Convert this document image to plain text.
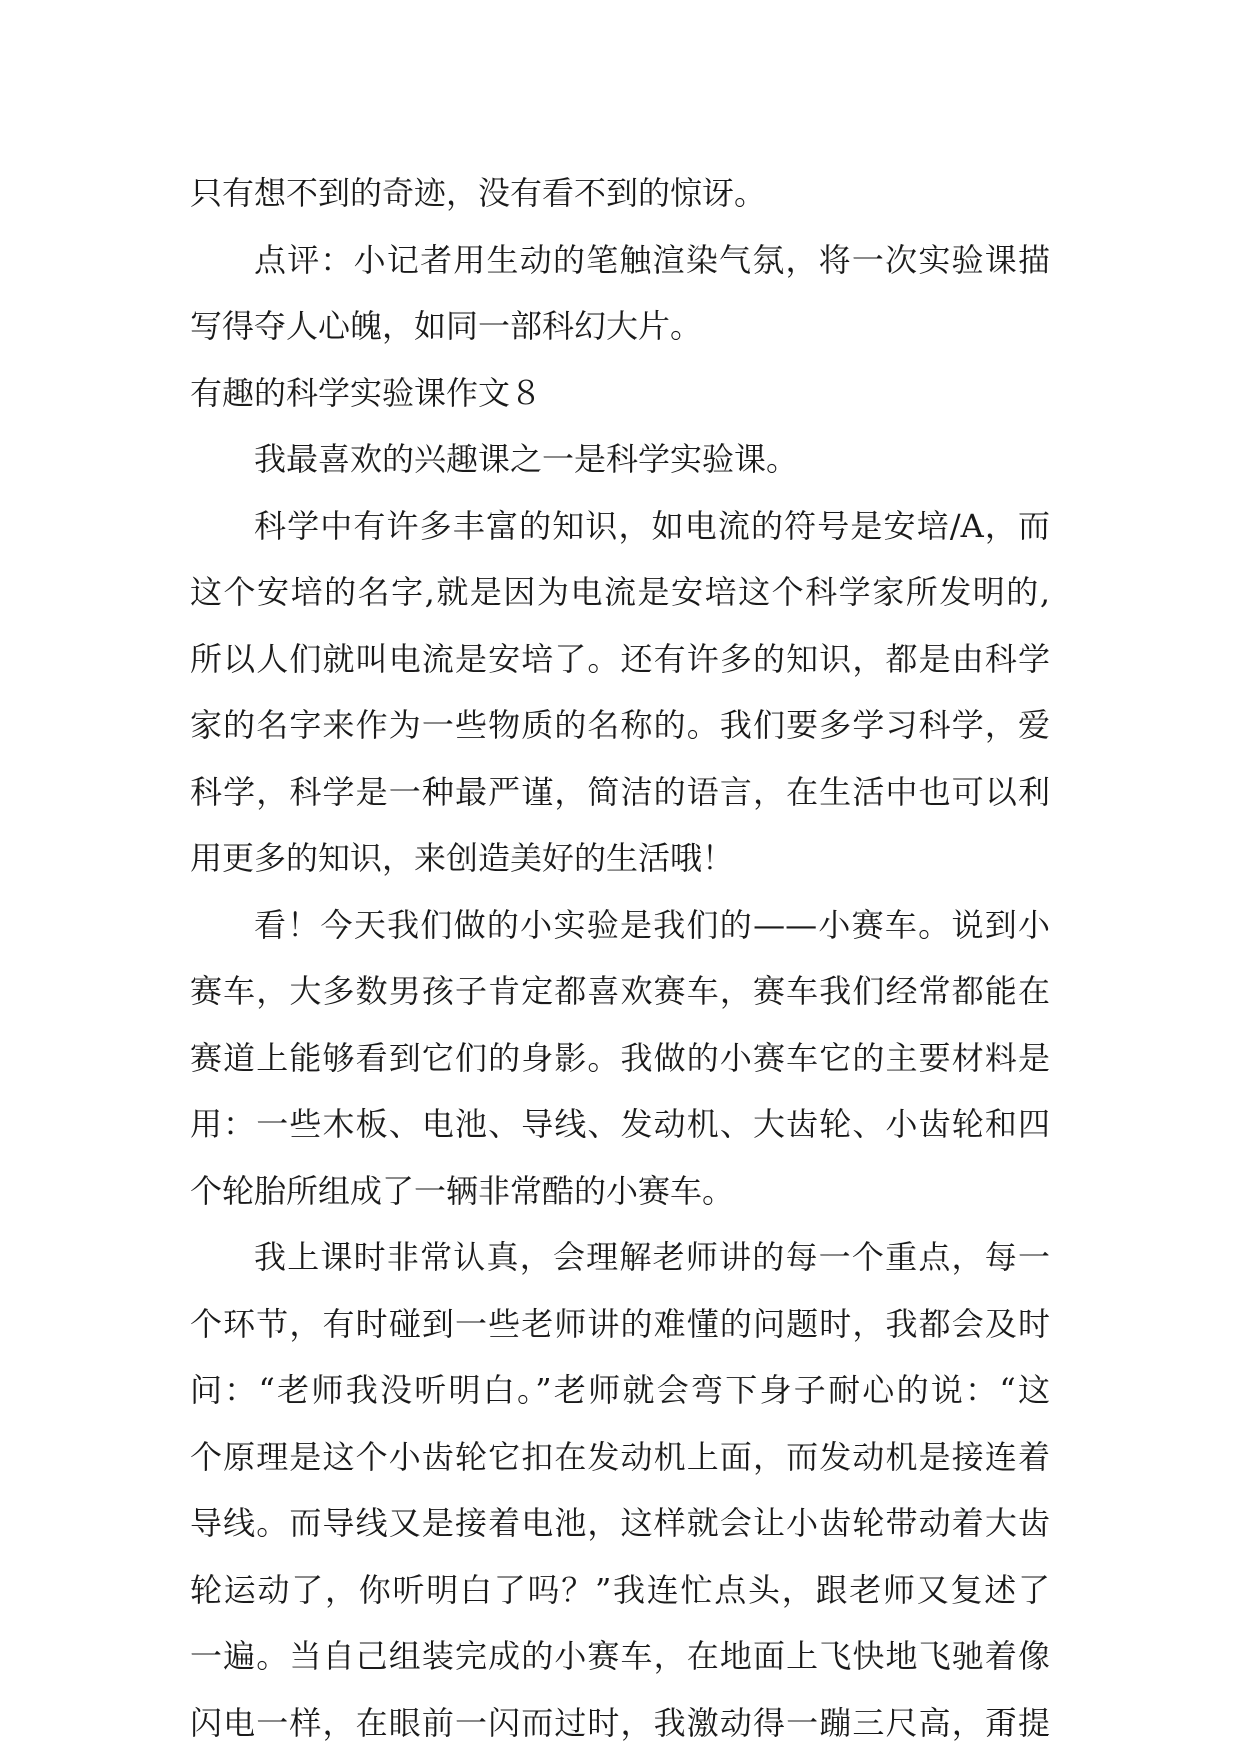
只有想不到的奇迹，没有看不到的惊讶。
点评：小记者用生动的笔触渲染气氛，将一次实验课描
写得夺人心魄，如同一部科幻大片。
有趣的科学实验课作文８
我最喜欢的兴趣课之一是科学实验课。
科学中有许多丰富的知识，如电流的符号是安培/A，而
这个安培的名字,就是因为电流是安培这个科学家所发明的,
所以人们就叫电流是安培了。还有许多的知识，都是由科学
家的名字来作为一些物质的名称的。我们要多学习科学，爱
科学，科学是一种最严谨，简洁的语言，在生活中也可以利
用更多的知识，来创造美好的生活哦！
看！今天我们做的小实验是我们的——小赛车。说到小
赛车，大多数男孩子肯定都喜欢赛车，赛车我们经常都能在
赛道上能够看到它们的身影。我做的小赛车它的主要材料是
用：一些木板、电池、导线、发动机、大齿轮、小齿轮和四
个轮胎所组成了一辆非常酷的小赛车。
我上课时非常认真，会理解老师讲的每一个重点，每一
个环节，有时碰到一些老师讲的难懂的问题时，我都会及时
问：“老师我没听明白。”老师就会弯下身子耐心的说：“这
个原理是这个小齿轮它扣在发动机上面，而发动机是接连着
导线。而导线又是接着电池，这样就会让小齿轮带动着大齿
轮运动了，你听明白了吗？”我连忙点头，跟老师又复述了
一遍。当自己组装完成的小赛车，在地面上飞快地飞驰着像
闪电一样，在眼前一闪而过时，我激动得一蹦三尺高，甭提
